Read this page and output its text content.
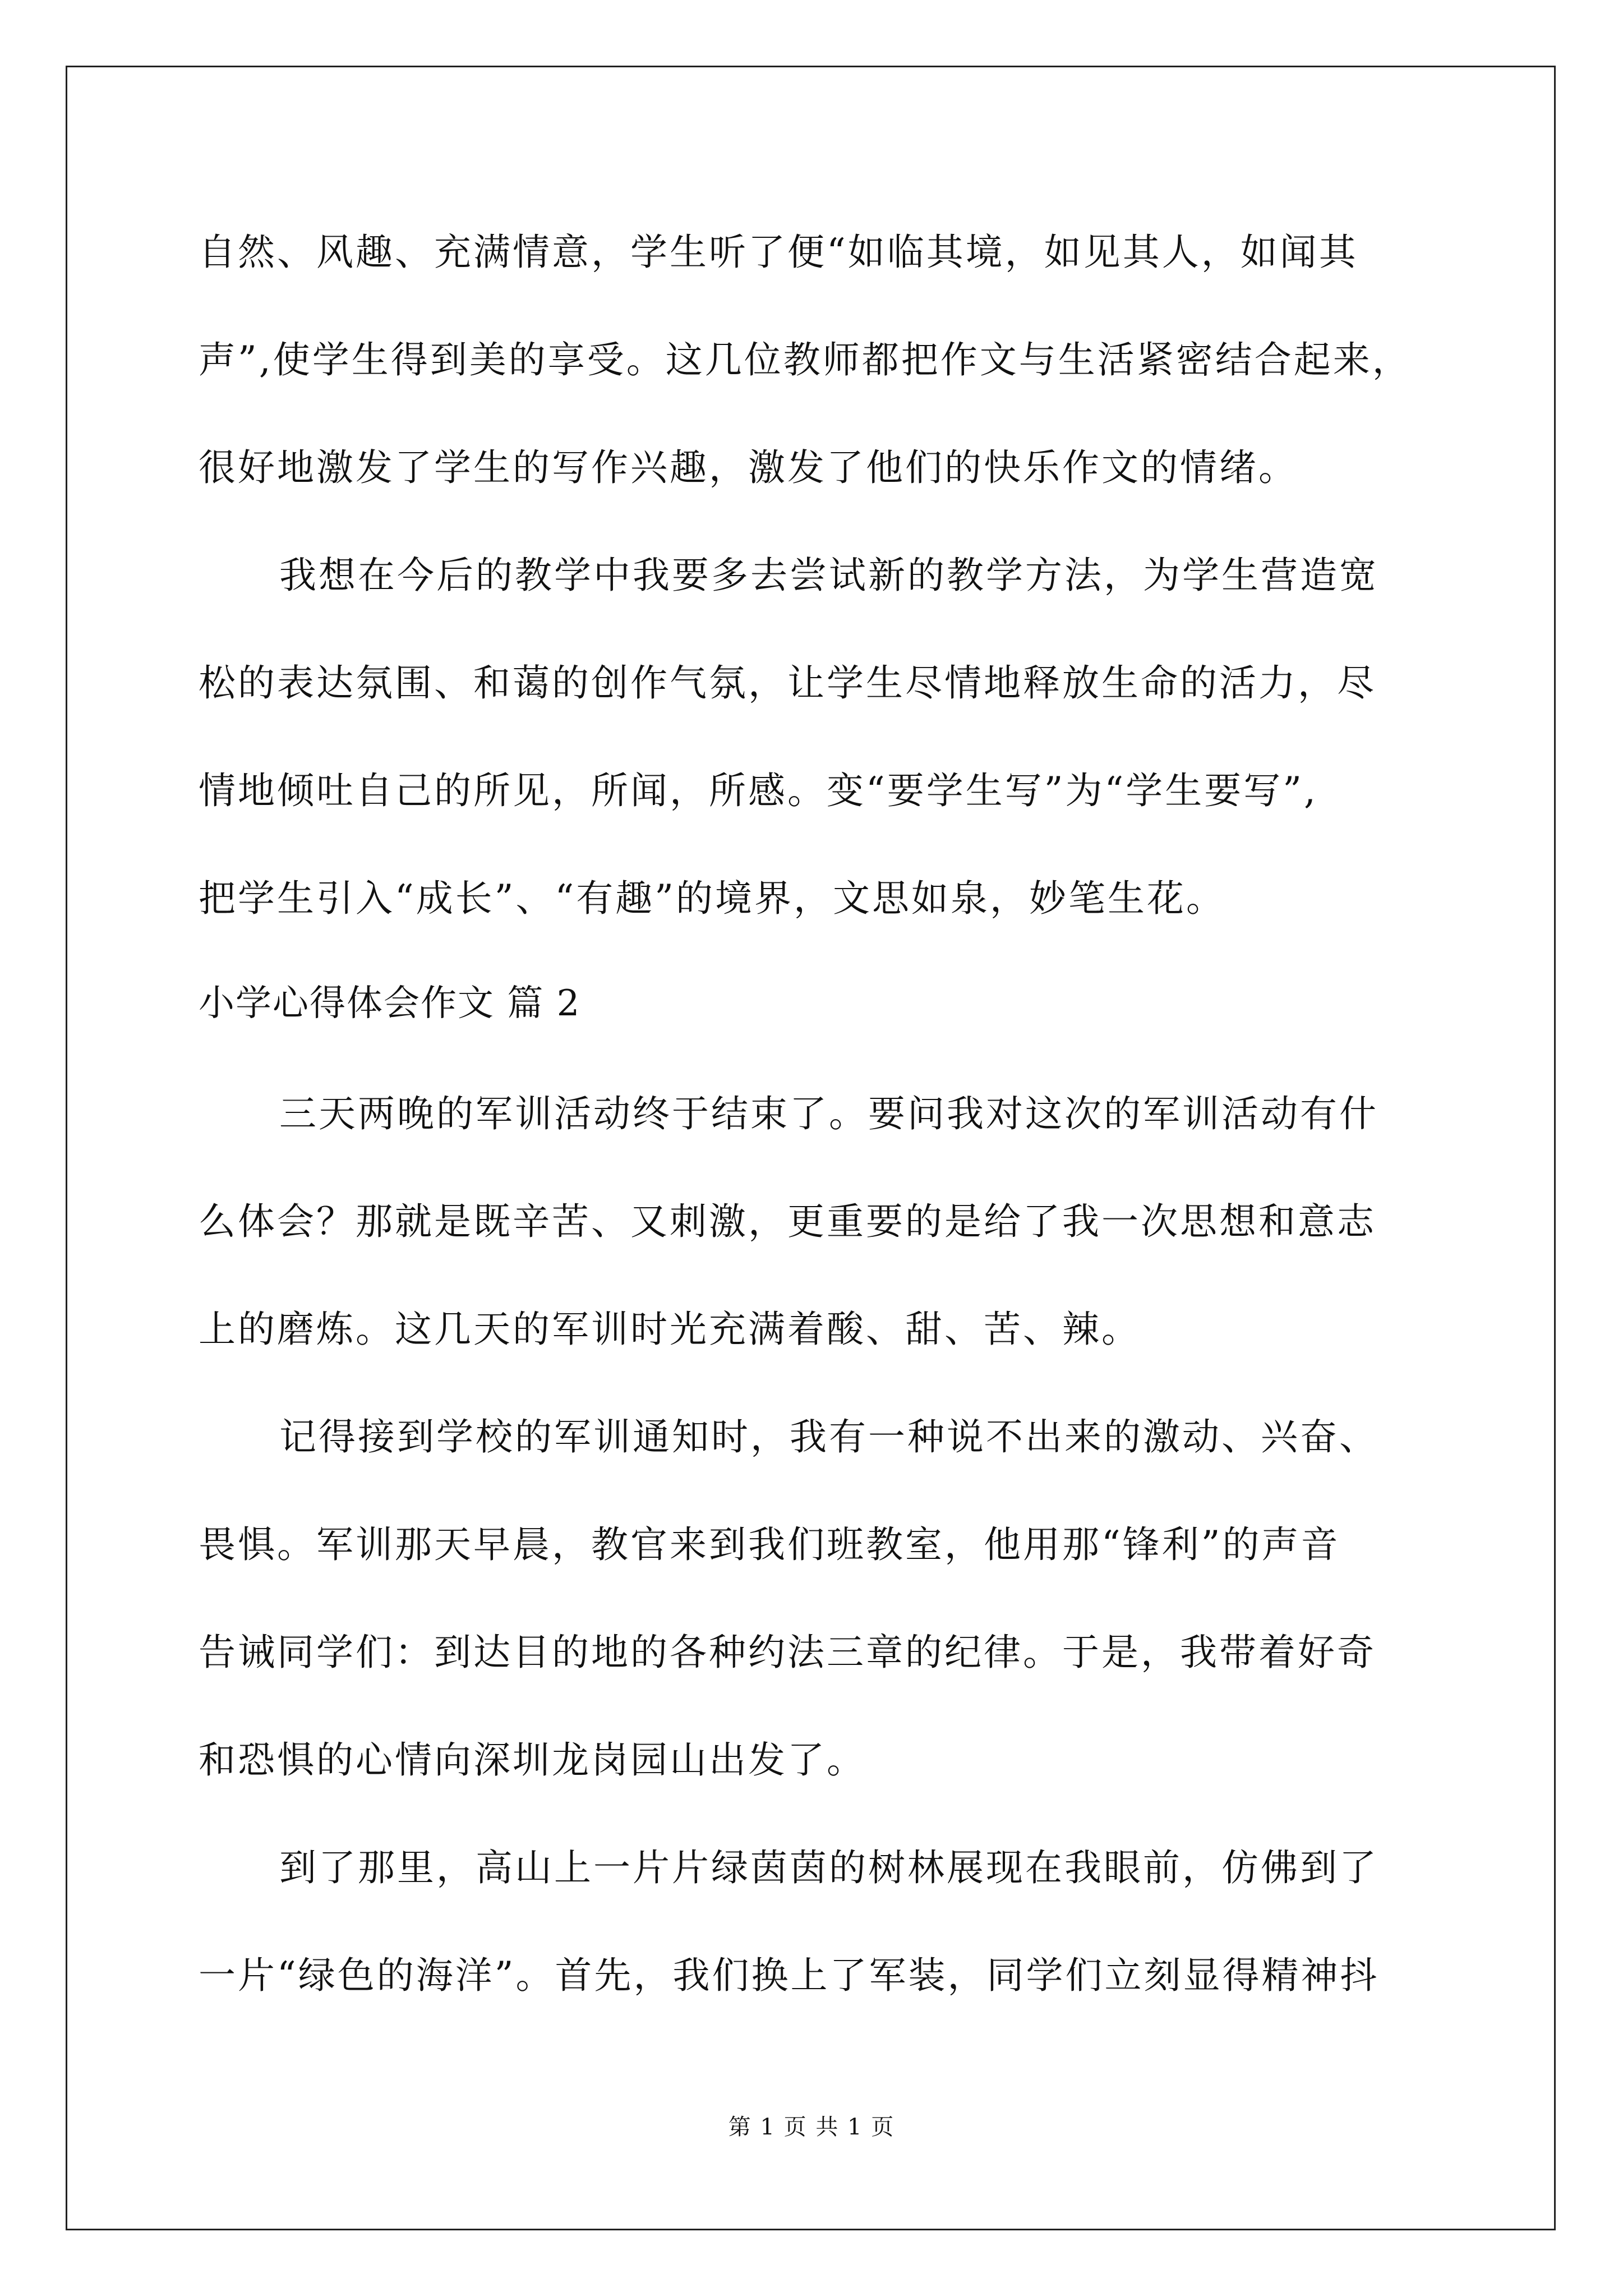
自然、风趣、充满情意，学生听了便“如临其境，如见其人，如闻其
声”,使学生得到美的享受。这几位教师都把作文与生活紧密结合起来，
很好地激发了学生的写作兴趣，激发了他们的快乐作文的情绪。
我想在今后的教学中我要多去尝试新的教学方法，为学生营造宽
松的表达氛围、和蔼的创作气氛，让学生尽情地释放生命的活力，尽
情地倾吐自己的所见，所闻，所感。变“要学生写”为“学生要写”,
把学生引入“成长”、“有趣”的境界，文思如泉，妙笔生花。
小学心得体会作文 篇 2
三天两晚的军训活动终于结束了。要问我对这次的军训活动有什
么体会？那就是既辛苦、又刺激，更重要的是给了我一次思想和意志
上的磨炼。这几天的军训时光充满着酸、甜、苦、辣。
记得接到学校的军训通知时，我有一种说不出来的激动、兴奋、
畏惧。军训那天早晨，教官来到我们班教室，他用那“锋利”的声音
告诫同学们：到达目的地的各种约法三章的纪律。于是，我带着好奇
和恐惧的心情向深圳龙岗园山出发了。
到了那里，高山上一片片绿茵茵的树林展现在我眼前，仿佛到了
一片“绿色的海洋”。首先，我们换上了军装，同学们立刻显得精神抖
第 1 页 共 1 页
